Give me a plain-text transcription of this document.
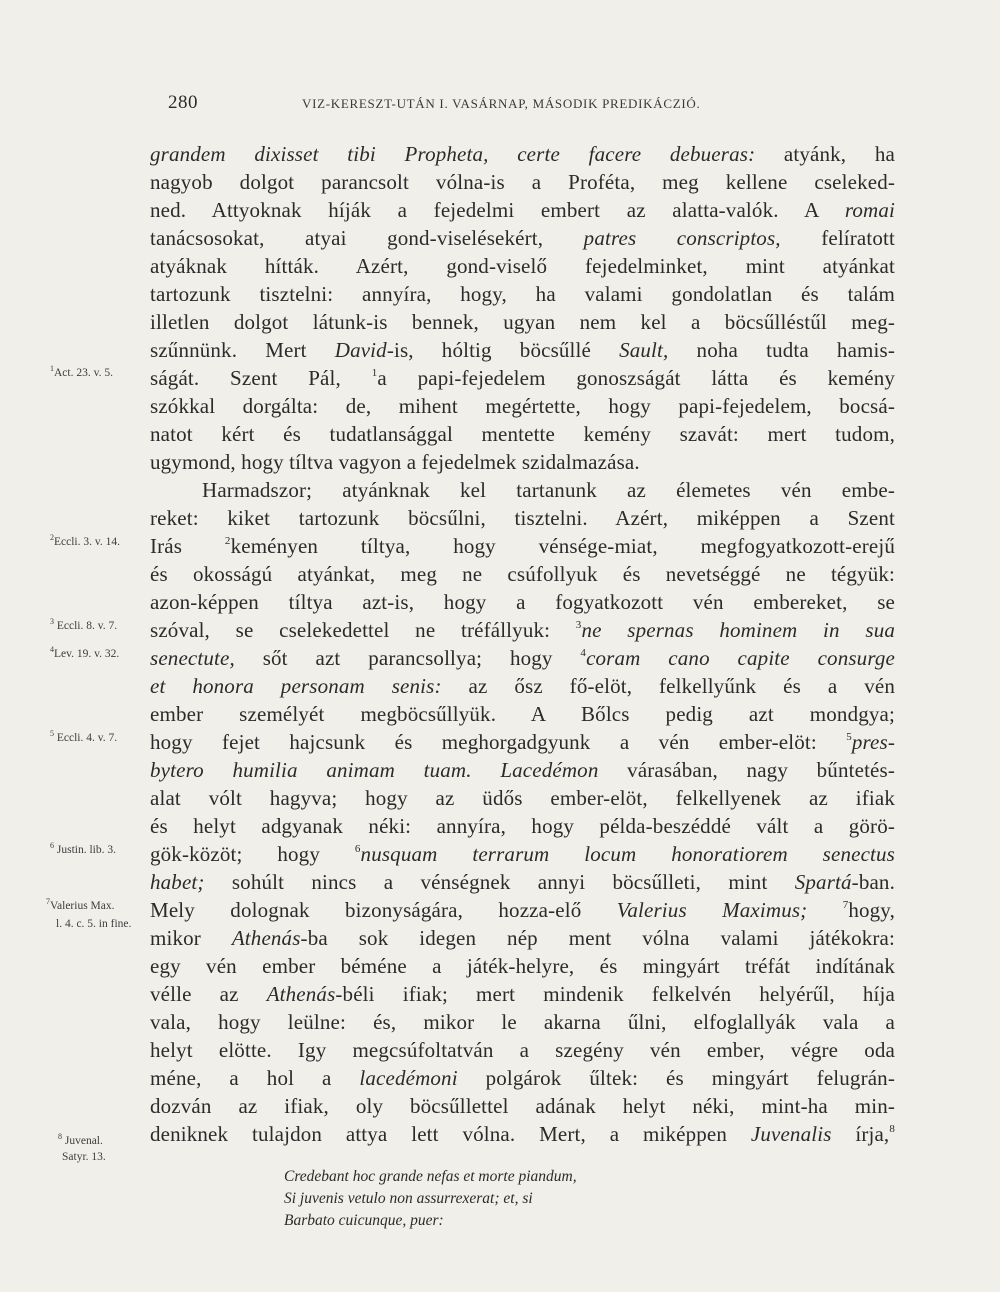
280	VIZ-KERESZT-UTÁN I. VASÁRNAP, MÁSODIK PREDIKÁCZIÓ.
$^1$Act. 23. v. 5.
$^2$Eccli. 3. v. 14.
$^3$ Eccli. 8. v. 7.
$^4$Lev. 19. v. 32.
$^5$ Eccli. 4. v. 7.
$^6$ Justin. lib. 3.
$^7$Valerius Max.
l. 4. c. 5. in fine.
$^8$ Juvenal.
Satyr. 13.
grandem dixisset tibi Propheta, certe facere debueras: atyánk, ha
nagyob dolgot parancsolt vólna-is a Proféta, meg kellene cseleked-
ned. Attyoknak híják a fejedelmi embert az alatta-valók. A romai
tanácsosokat, atyai gond-viselésekért, patres conscriptos, felíratott
atyáknak hítták. Azért, gond-viselő fejedelminket, mint atyánkat
tartozunk tisztelni: annyíra, hogy, ha valami gondolatlan és talám
illetlen dolgot látunk-is bennek, ugyan nem kel a böcsűlléstűl meg-
szűnnünk. Mert David-is, hóltig böcsűllé Sault, noha tudta hamis-
ságát. Szent Pál, $^1$a papi-fejedelem gonoszságát látta és kemény
szókkal dorgálta: de, mihent megértette, hogy papi-fejedelem, bocsá-
natot kért és tudatlansággal mentette kemény szavát: mert tudom,
ugymond, hogy tíltva vagyon a fejedelmek szidalmazása.
Harmadszor; atyánknak kel tartanunk az élemetes vén embe-
reket: kiket tartozunk böcsűlni, tisztelni. Azért, miképpen a Szent
Irás $^2$keményen tíltya, hogy vénsége-miat, megfogyatkozott-erejű
és okosságú atyánkat, meg ne csúfollyuk és nevetséggé ne tégyük:
azon-képpen tíltya azt-is, hogy a fogyatkozott vén embereket, se
szóval, se cselekedettel ne tréfállyuk: $^3$ne spernas hominem in sua
senectute, sőt azt parancsollya; hogy $^4$coram cano capite consurge
et honora personam senis: az ősz fő-elöt, felkellyűnk és a vén
ember személyét megböcsűllyük. A Bőlcs pedig azt mondgya;
hogy fejet hajcsunk és meghorgadgyunk a vén ember-elöt: $^5$pres-
bytero humilia animam tuam. Lacedémon várasában, nagy bűntetés-
alat vólt hagyva; hogy az üdős ember-elöt, felkellyenek az ifiak
és helyt adgyanak néki: annyíra, hogy példa-beszéddé vált a görö-
gök-közöt; hogy $^6$nusquam terrarum locum honoratiorem senectus
habet; sohúlt nincs a vénségnek annyi böcsűlleti, mint Spartá-ban.
Mely dolognak bizonyságára, hozza-elő Valerius Maximus;	$^7$hogy,
mikor Athenás-ba sok idegen nép ment vólna valami játékokra:
egy vén ember béméne a játék-helyre, és mingyárt tréfát indítának
vélle az Athenás-béli ifiak; mert mindenik felkelvén helyérűl, híja
vala, hogy leülne: és, mikor le akarna űlni, elfoglallyák vala a
helyt elötte. Igy megcsúfoltatván a szegény vén ember, végre oda
méne, a hol a lacedémoni polgárok űltek: és mingyárt felugrán-
dozván az ifiak, oly böcsűllettel adának helyt néki, mint-ha min-
deniknek tulajdon attya lett vólna. Mert, a miképpen Juvenalis írja,$^8$
Credebant hoc grande nefas et morte piandum,
Si juvenis vetulo non assurrexerat; et, si
Barbato cuicunque, puer:
